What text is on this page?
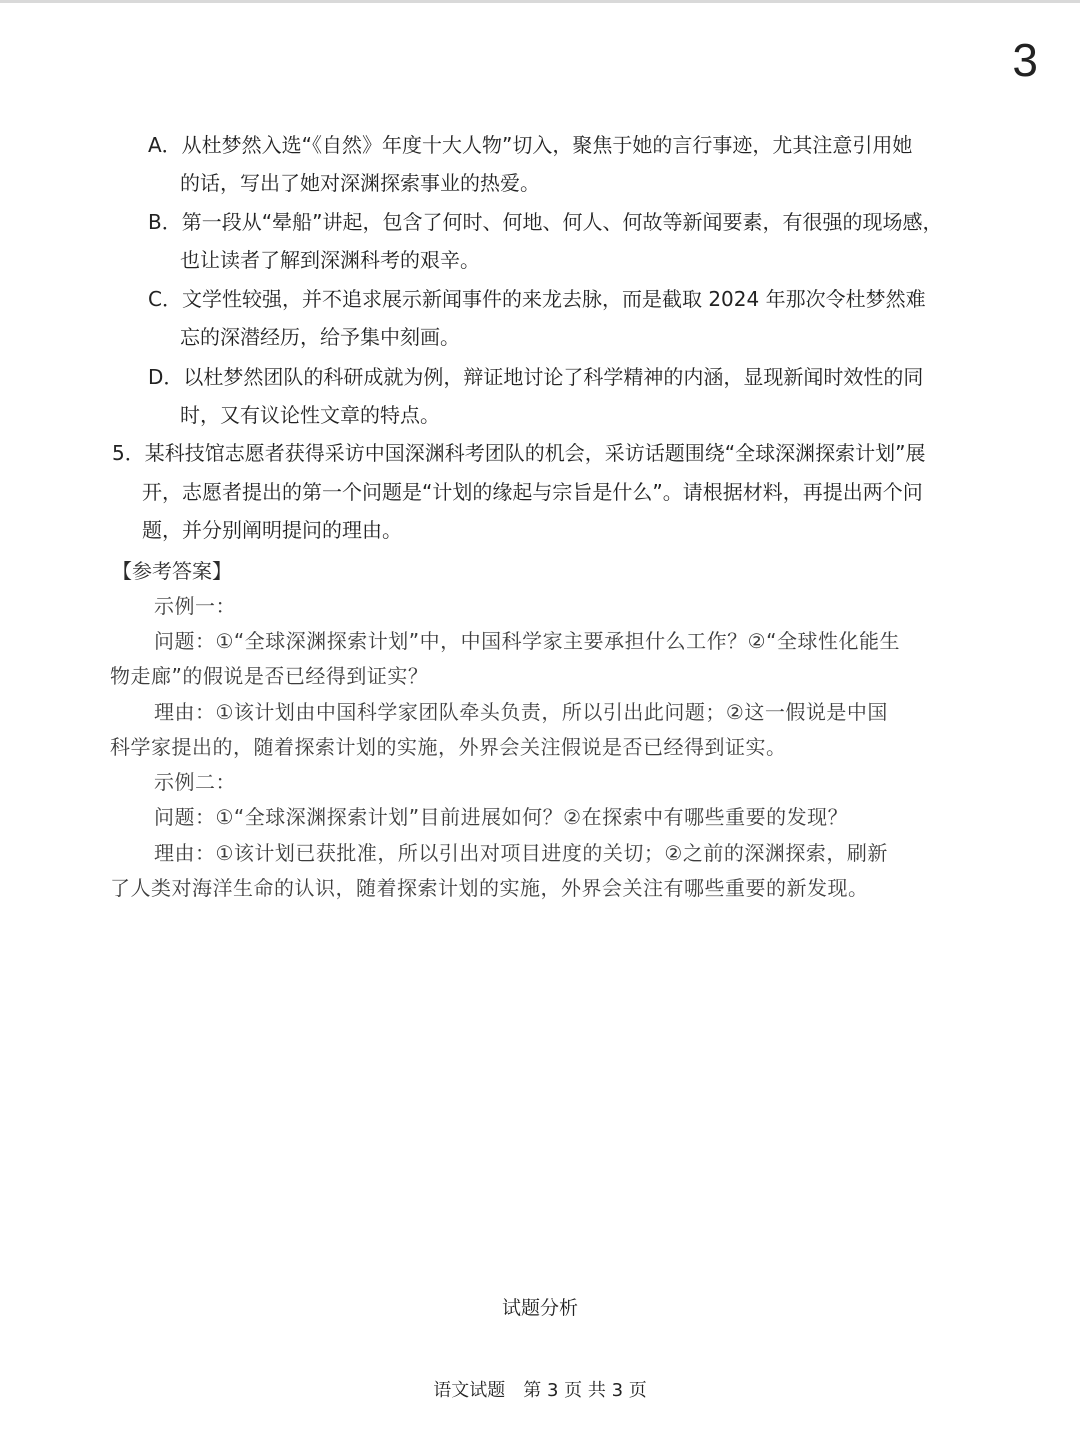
3
A．从杜梦然入选“《自然》年度十大人物”切入，聚焦于她的言行事迹，尤其注意引用她
的话，写出了她对深渊探索事业的热爱。
B．第一段从“晕船”讲起，包含了何时、何地、何人、何故等新闻要素，有很强的现场感，
也让读者了解到深渊科考的艰辛。
C．文学性较强，并不追求展示新闻事件的来龙去脉，而是截取 2024 年那次令杜梦然难
忘的深潜经历，给予集中刻画。
D．以杜梦然团队的科研成就为例，辩证地讨论了科学精神的内涵，显现新闻时效性的同
时，又有议论性文章的特点。
5．某科技馆志愿者获得采访中国深渊科考团队的机会，采访话题围绕“全球深渊探索计划”展
开，志愿者提出的第一个问题是“计划的缘起与宗旨是什么”。请根据材料，再提出两个问
题，并分别阐明提问的理由。
【参考答案】
示例一：
问题：①“全球深渊探索计划”中，中国科学家主要承担什么工作？②“全球性化能生
物走廊”的假说是否已经得到证实？
理由：①该计划由中国科学家团队牵头负责，所以引出此问题；②这一假说是中国
科学家提出的，随着探索计划的实施，外界会关注假说是否已经得到证实。
示例二：
问题：①“全球深渊探索计划”目前进展如何？②在探索中有哪些重要的发现？
理由：①该计划已获批准，所以引出对项目进度的关切；②之前的深渊探索，刷新
了人类对海洋生命的认识，随着探索计划的实施，外界会关注有哪些重要的新发现。
试题分析
语文试题　第 3 页 共 3 页
